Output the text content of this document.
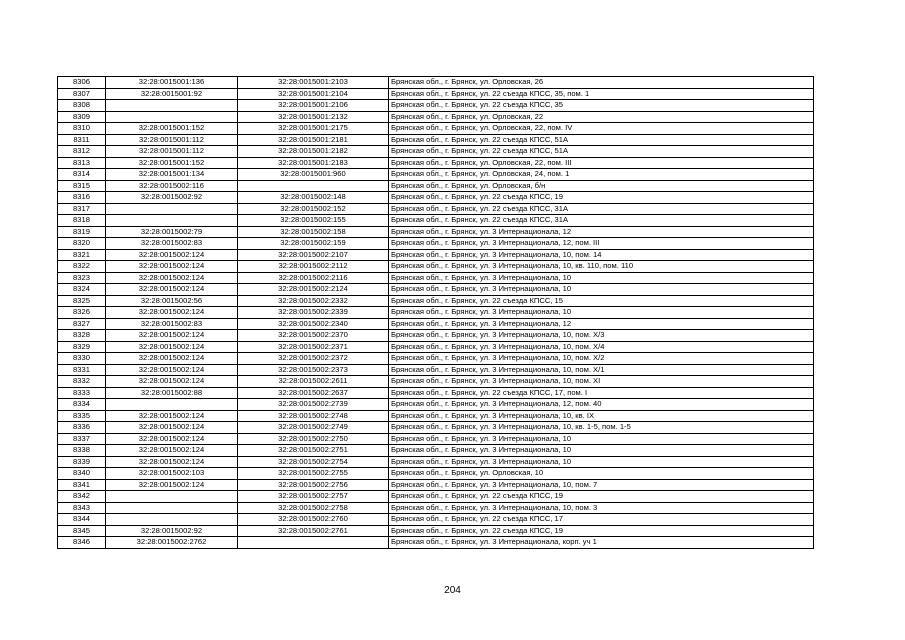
8306	32:28:0015001:136	32:28:0015001:2103	Брянская обл., г. Брянск, ул. Орловская, 26
8307	32:28:0015001:92	32:28:0015001:2104	Брянская обл., г. Брянск, ул. 22 съезда КПСС, 35, пом. 1
8308		32:28:0015001:2106	Брянская обл., г. Брянск, ул. 22 съезда КПСС, 35
8309		32:28:0015001:2132	Брянская обл., г. Брянск, ул. Орловская, 22
8310	32:28:0015001:152	32:28:0015001:2175	Брянская обл., г. Брянск, ул. Орловская, 22, пом. IV
8311	32:28:0015001:112	32:28:0015001:2181	Брянская обл., г. Брянск, ул. 22 съезда КПСС, 51А
8312	32:28:0015001:112	32:28:0015001:2182	Брянская обл., г. Брянск, ул. 22 съезда КПСС, 51А
8313	32:28:0015001:152	32:28:0015001:2183	Брянская обл., г. Брянск, ул. Орловская, 22, пом. III
8314	32:28:0015001:134	32:28:0015001:960	Брянская обл., г. Брянск, ул. Орловская, 24, пом. 1
8315	32:28:0015002:116		Брянская обл., г. Брянск, ул. Орловская, б/н
8316	32:28:0015002:92	32:28:0015002:148	Брянская обл., г. Брянск, ул. 22 съезда КПСС, 19
8317		32:28:0015002:152	Брянская обл., г. Брянск, ул. 22 съезда КПСС, 31А
8318		32:28:0015002:155	Брянская обл., г. Брянск, ул. 22 съезда КПСС, 31А
8319	32:28:0015002:79	32:28:0015002:158	Брянская обл., г. Брянск, ул. 3 Интернационала, 12
8320	32:28:0015002:83	32:28:0015002:159	Брянская обл., г. Брянск, ул. 3 Интернационала, 12, пом. III
8321	32:28:0015002:124	32:28:0015002:2107	Брянская обл., г. Брянск, ул. 3 Интернационала, 10, пом. 14
8322	32:28:0015002:124	32:28:0015002:2112	Брянская обл., г. Брянск, ул. 3 Интернационала, 10, кв. 110, пом. 110
8323	32:28:0015002:124	32:28:0015002:2116	Брянская обл., г. Брянск, ул. 3 Интернационала, 10
8324	32:28:0015002:124	32:28:0015002:2124	Брянская обл., г. Брянск, ул. 3 Интернационала, 10
8325	32:28:0015002:56	32:28:0015002:2332	Брянская обл., г. Брянск, ул. 22 съезда КПСС, 15
8326	32:28:0015002:124	32:28:0015002:2339	Брянская обл., г. Брянск, ул. 3 Интернационала, 10
8327	32:28:0015002:83	32:28:0015002:2340	Брянская обл., г. Брянск, ул. 3 Интернационала, 12
8328	32:28:0015002:124	32:28:0015002:2370	Брянская обл., г. Брянск, ул. 3 Интернационала, 10, пом. X/3
8329	32:28:0015002:124	32:28:0015002:2371	Брянская обл., г. Брянск, ул. 3 Интернационала, 10, пом. X/4
8330	32:28:0015002:124	32:28:0015002:2372	Брянская обл., г. Брянск, ул. 3 Интернационала, 10, пом. X/2
8331	32:28:0015002:124	32:28:0015002:2373	Брянская обл., г. Брянск, ул. 3 Интернационала, 10, пом. X/1
8332	32:28:0015002:124	32:28:0015002:2611	Брянская обл., г. Брянск, ул. 3 Интернационала, 10, пом. XI
8333	32:28:0015002:88	32:28:0015002:2637	Брянская обл., г. Брянск, ул. 22 съезда КПСС, 17, пом. I
8334		32:28:0015002:2739	Брянская обл., г. Брянск, ул. 3 Интернационала, 12, пом. 40
8335	32:28:0015002:124	32:28:0015002:2748	Брянская обл., г. Брянск, ул. 3 Интернационала, 10, кв. IX
8336	32:28:0015002:124	32:28:0015002:2749	Брянская обл., г. Брянск, ул. 3 Интернационала, 10, кв. 1-5, пом. 1-5
8337	32:28:0015002:124	32:28:0015002:2750	Брянская обл., г. Брянск, ул. 3 Интернационала, 10
8338	32:28:0015002:124	32:28:0015002:2751	Брянская обл., г. Брянск, ул. 3 Интернационала, 10
8339	32:28:0015002:124	32:28:0015002:2754	Брянская обл., г. Брянск, ул. 3 Интернационала, 10
8340	32:28:0015002:103	32:28:0015002:2755	Брянская обл., г. Брянск, ул. Орловская, 10
8341	32:28:0015002:124	32:28:0015002:2756	Брянская обл., г. Брянск, ул. 3 Интернационала, 10, пом. 7
8342		32:28:0015002:2757	Брянская обл., г. Брянск, ул. 22 съезда КПСС, 19
8343		32:28:0015002:2758	Брянская обл., г. Брянск, ул. 3 Интернационала, 10, пом. 3
8344		32:28:0015002:2760	Брянская обл., г. Брянск, ул. 22 съезда КПСС, 17
8345	32:28:0015002:92	32:28:0015002:2761	Брянская обл., г. Брянск, ул. 22 съезда КПСС, 19
8346	32:28:0015002:2762		Брянская обл., г. Брянск, ул. 3 Интернационала, корп. уч 1
204
